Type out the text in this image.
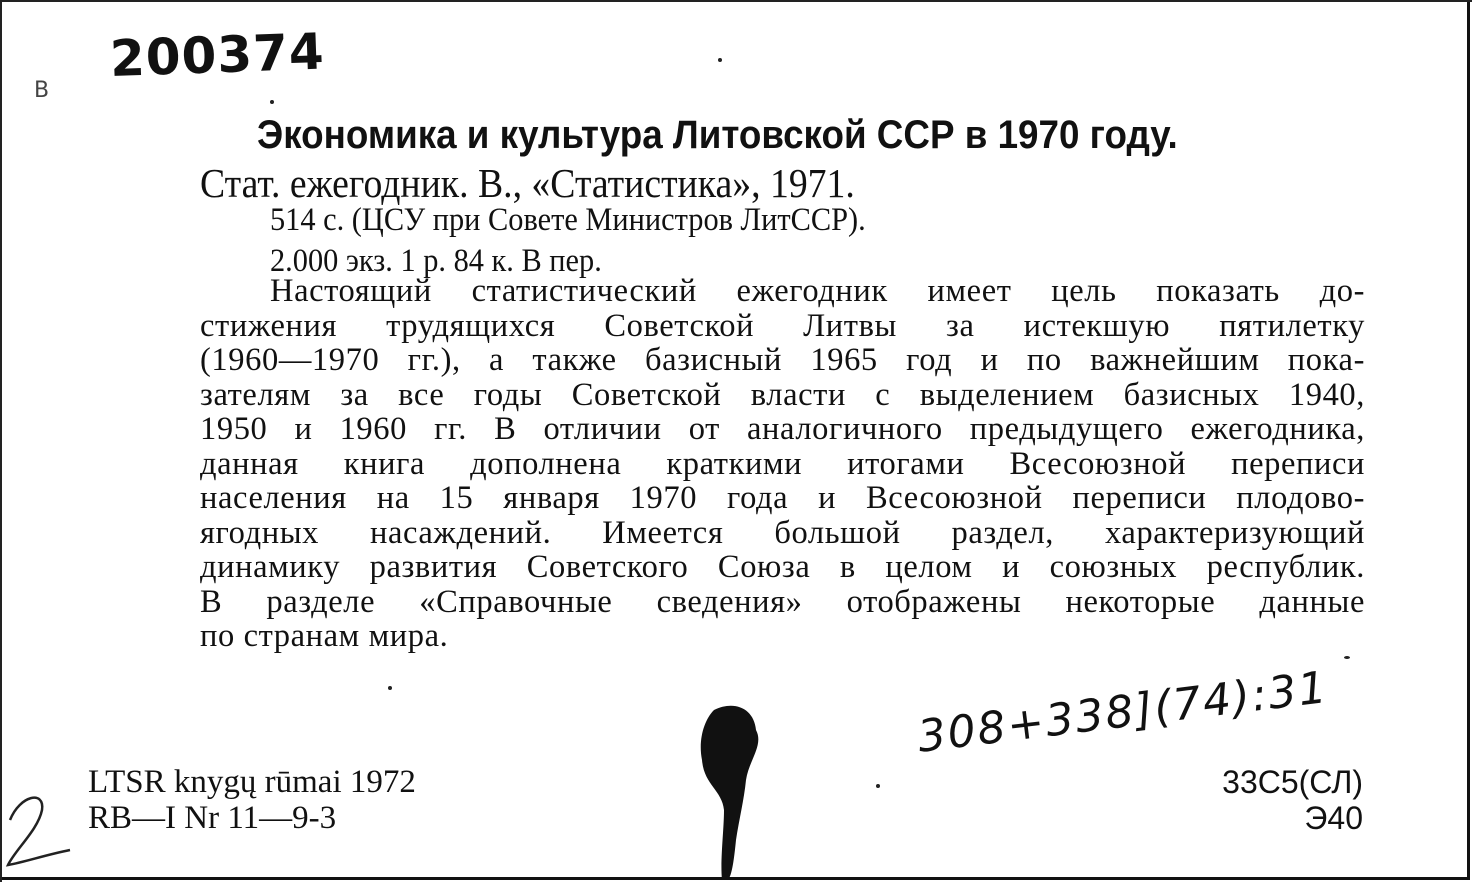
200374
B
Экономика и культура Литовской ССР в 1970 году.
Стат. ежегодник. В., «Статистика», 1971.
514 с. (ЦСУ при Совете Министров ЛитССР).
2.000 экз. 1 р. 84 к. В пер.
Настоящий статистический ежегодник имеет цель показать до-
стижения трудящихся Советской Литвы за истекшую пятилетку
(1960—1970 гг.), а также базисный 1965 год и по важнейшим пока-
зателям за все годы Советской власти с выделением базисных 1940,
1950 и 1960 гг. В отличии от аналогичного предыдущего ежегодника,
данная книга дополнена краткими итогами Всесоюзной переписи
населения на 15 января 1970 года и Всесоюзной переписи плодово-
ягодных насаждений. Имеется большой раздел, характеризующий
динамику развития Советского Союза в целом и союзных республик.
В разделе «Справочные сведения» отображены некоторые данные
по странам мира.
308+338](74):31
LTSR knygų rūmai 1972
RB—I Nr 11—9-3
33С5(СЛ)
Э40
